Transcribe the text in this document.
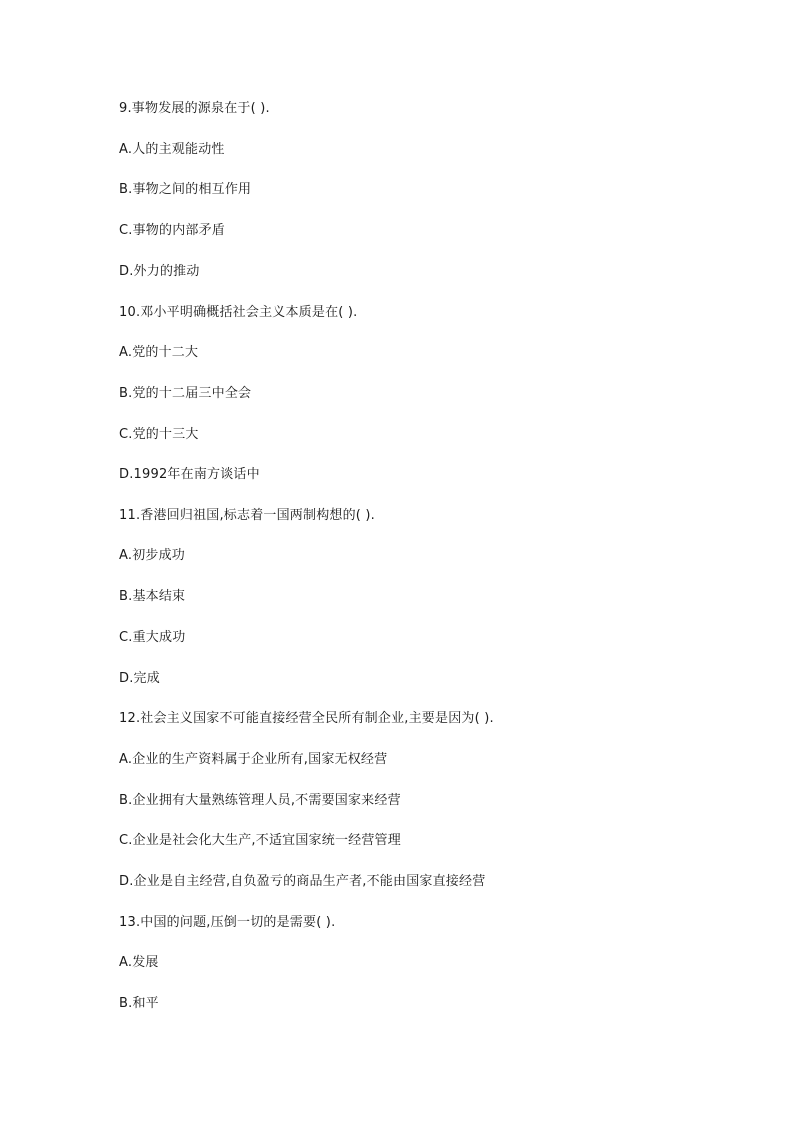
9.事物发展的源泉在于( ).
A.人的主观能动性
B.事物之间的相互作用
C.事物的内部矛盾
D.外力的推动
10.邓小平明确概括社会主义本质是在( ).
A.党的十二大
B.党的十二届三中全会
C.党的十三大
D.1992年在南方谈话中
11.香港回归祖国,标志着一国两制构想的( ).
A.初步成功
B.基本结束
C.重大成功
D.完成
12.社会主义国家不可能直接经营全民所有制企业,主要是因为( ).
A.企业的生产资料属于企业所有,国家无权经营
B.企业拥有大量熟练管理人员,不需要国家来经营
C.企业是社会化大生产,不适宜国家统一经营管理
D.企业是自主经营,自负盈亏的商品生产者,不能由国家直接经营
13.中国的问题,压倒一切的是需要( ).
A.发展
B.和平
